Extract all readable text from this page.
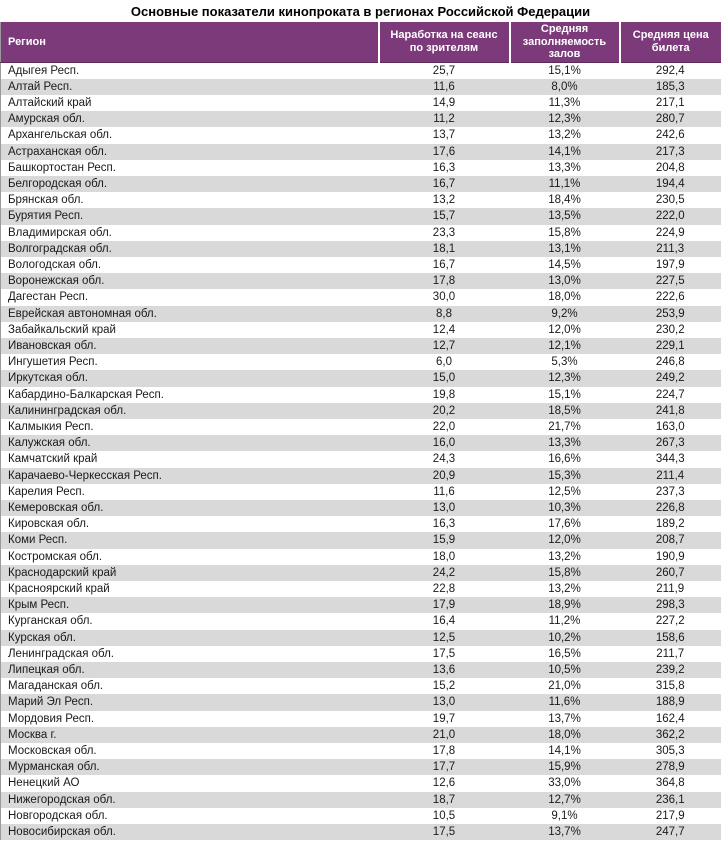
Основные показатели кинопроката в регионах Российской Федерации
Регион	Наработка на сеанс по зрителям	Средняя заполняемость залов	Средняя цена билета
Адыгея Респ.	25,7	15,1%	292,4
Алтай Респ.	11,6	8,0%	185,3
Алтайский край	14,9	11,3%	217,1
Амурская обл.	11,2	12,3%	280,7
Архангельская обл.	13,7	13,2%	242,6
Астраханская обл.	17,6	14,1%	217,3
Башкортостан Респ.	16,3	13,3%	204,8
Белгородская обл.	16,7	11,1%	194,4
Брянская обл.	13,2	18,4%	230,5
Бурятия Респ.	15,7	13,5%	222,0
Владимирская обл.	23,3	15,8%	224,9
Волгоградская обл.	18,1	13,1%	211,3
Вологодская обл.	16,7	14,5%	197,9
Воронежская обл.	17,8	13,0%	227,5
Дагестан Респ.	30,0	18,0%	222,6
Еврейская автономная обл.	8,8	9,2%	253,9
Забайкальский край	12,4	12,0%	230,2
Ивановская обл.	12,7	12,1%	229,1
Ингушетия Респ.	6,0	5,3%	246,8
Иркутская обл.	15,0	12,3%	249,2
Кабардино-Балкарская Респ.	19,8	15,1%	224,7
Калининградская обл.	20,2	18,5%	241,8
Калмыкия Респ.	22,0	21,7%	163,0
Калужская обл.	16,0	13,3%	267,3
Камчатский край	24,3	16,6%	344,3
Карачаево-Черкесская Респ.	20,9	15,3%	211,4
Карелия Респ.	11,6	12,5%	237,3
Кемеровская обл.	13,0	10,3%	226,8
Кировская обл.	16,3	17,6%	189,2
Коми Респ.	15,9	12,0%	208,7
Костромская обл.	18,0	13,2%	190,9
Краснодарский край	24,2	15,8%	260,7
Красноярский край	22,8	13,2%	211,9
Крым Респ.	17,9	18,9%	298,3
Курганская обл.	16,4	11,2%	227,2
Курская обл.	12,5	10,2%	158,6
Ленинградская обл.	17,5	16,5%	211,7
Липецкая обл.	13,6	10,5%	239,2
Магаданская обл.	15,2	21,0%	315,8
Марий Эл Респ.	13,0	11,6%	188,9
Мордовия Респ.	19,7	13,7%	162,4
Москва г.	21,0	18,0%	362,2
Московская обл.	17,8	14,1%	305,3
Мурманская обл.	17,7	15,9%	278,9
Ненецкий АО	12,6	33,0%	364,8
Нижегородская обл.	18,7	12,7%	236,1
Новгородская обл.	10,5	9,1%	217,9
Новосибирская обл.	17,5	13,7%	247,7
